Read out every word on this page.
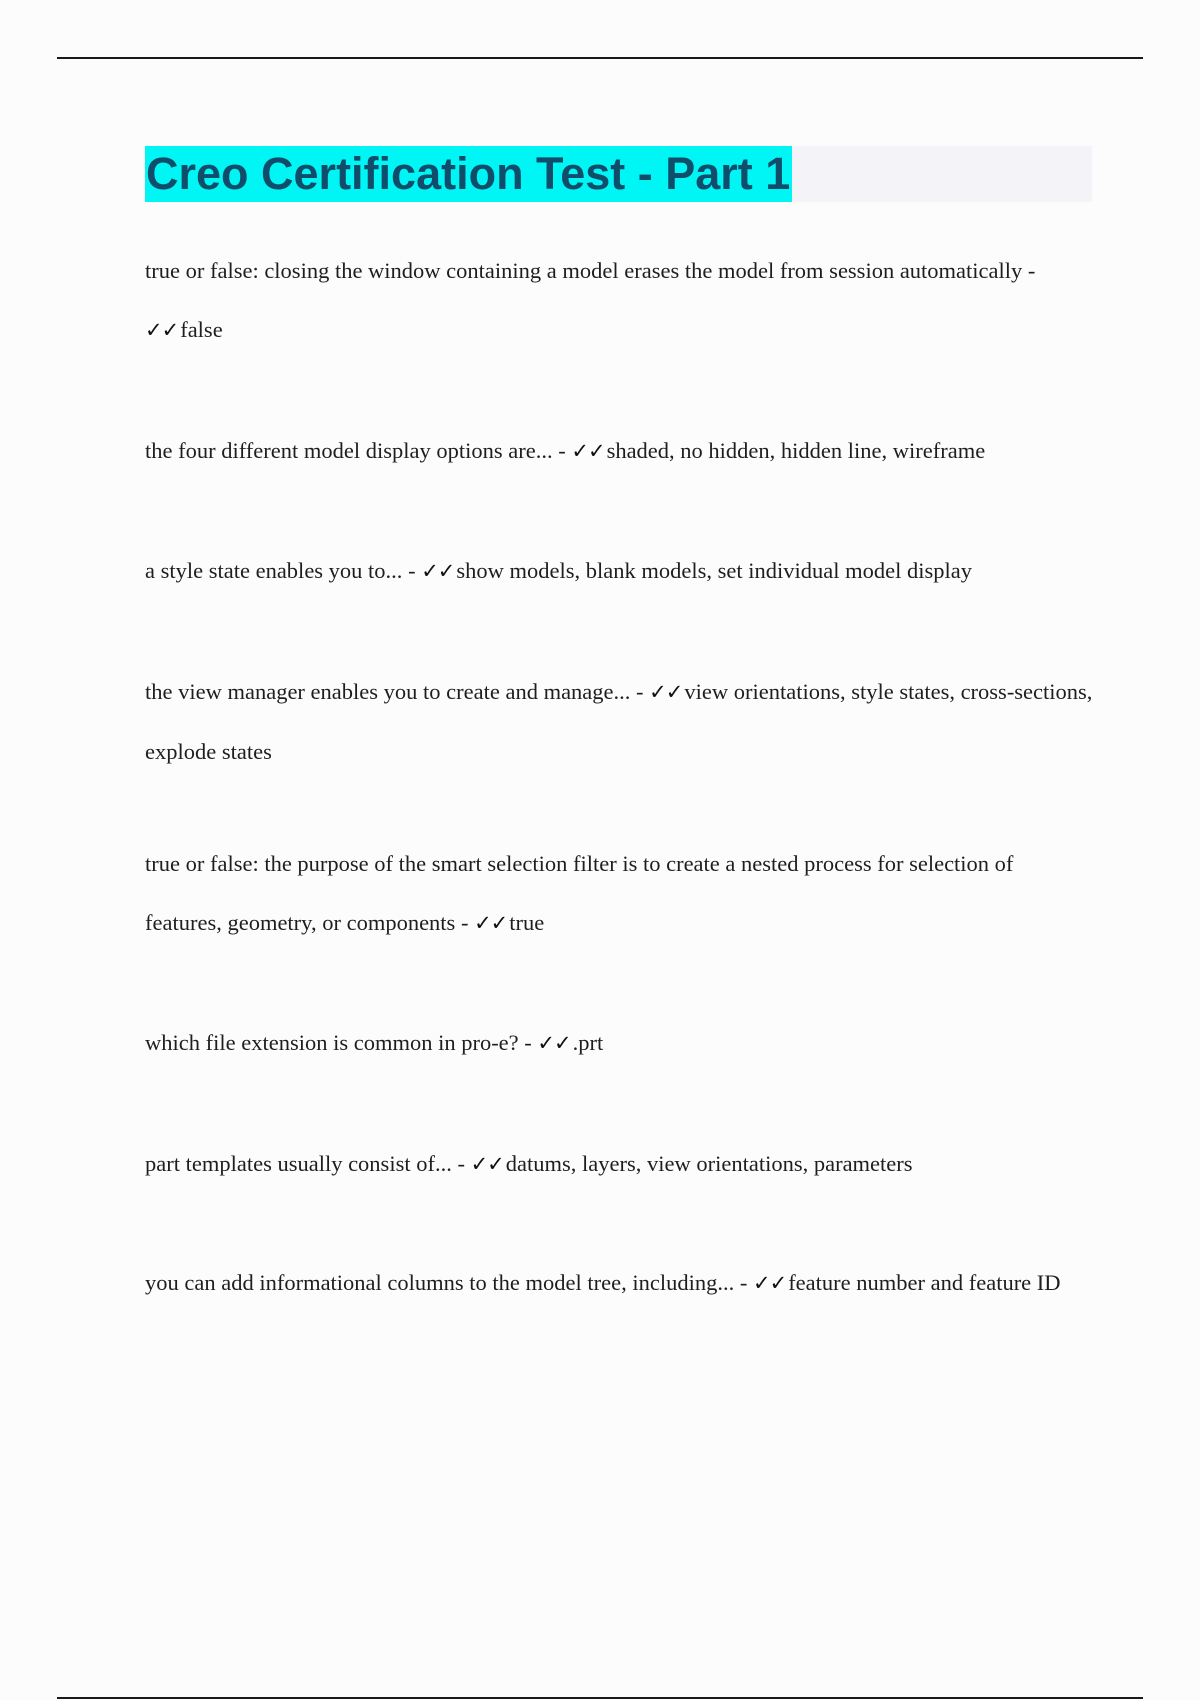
Creo Certification Test - Part 1

true or false: closing the window containing a model erases the model from session automatically - ✓✓false

the four different model display options are... - ✓✓shaded, no hidden, hidden line, wireframe

a style state enables you to... - ✓✓show models, blank models, set individual model display

the view manager enables you to create and manage... - ✓✓view orientations, style states, cross-sections, explode states

true or false: the purpose of the smart selection filter is to create a nested process for selection of features, geometry, or components - ✓✓true

which file extension is common in pro-e? - ✓✓.prt

part templates usually consist of... - ✓✓datums, layers, view orientations, parameters

you can add informational columns to the model tree, including... - ✓✓feature number and feature ID
